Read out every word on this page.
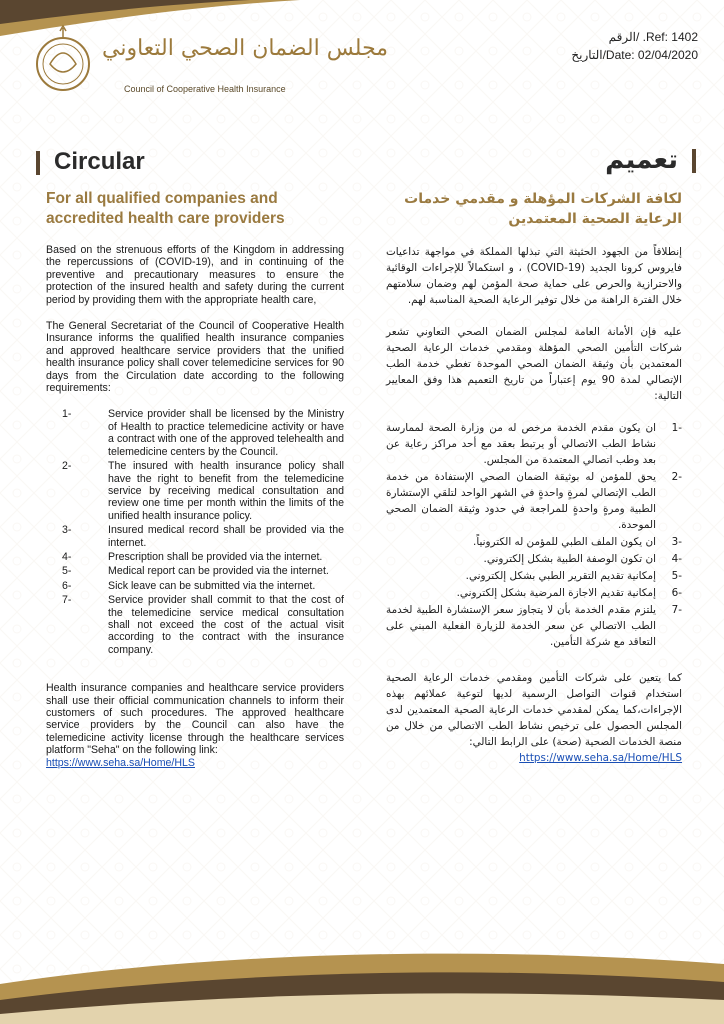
مجلس الضمان الصحي التعاوني
Council of Cooperative Health Insurance
الرقم/ .Ref: 1402
التاريخ/Date: 02/04/2020
Circular	تعميم
For all qualified companies and accredited health care providers
لكافة الشركات المؤهلة و مقدمي خدمات الرعاية الصحية المعتمدين

Based on the strenuous efforts of the Kingdom in addressing the repercussions of (COVID-19), and in continuing of the preventive and precautionary measures to ensure the protection of the insured health and safety during the current period by providing them with the appropriate health care,

The General Secretariat of the Council of Cooperative Health Insurance informs the qualified health insurance companies and approved healthcare service providers that the unified health insurance policy shall cover telemedicine services for 90 days from the Circulation date according to the following requirements:

1-	Service provider shall be licensed by the Ministry of Health to practice telemedicine activity or have a contract with one of the approved telehealth and telemedicine centers by the Council.
2-	The insured with health insurance policy shall have the right to benefit from the telemedicine service by receiving medical consultation and review one time per month within the limits of the unified health insurance policy.
3-	Insured medical record shall be provided via the internet.
4-	Prescription shall be provided via the internet.
5-	Medical report can be provided via the internet.
6-	Sick leave can be submitted via the internet.
7-	Service provider shall commit to that the cost of the telemedicine service medical consultation shall not exceed the cost of the actual visit according to the contract with the insurance company.

Health insurance companies and healthcare service providers shall use their official communication channels to inform their customers of such procedures. The approved healthcare service providers by the Council can also have the telemedicine activity license through the healthcare services platform "Seha" on the following link:
https://www.seha.sa/Home/HLS

إنطلاقاً من الجهود الحثيثة التي تبذلها المملكة في مواجهة تداعيات فايروس كرونا الجديد (COVID-19) ، و استكمالاً للإجراءات الوقائية والاحترازية والحرص على حماية صحة المؤمن لهم وضمان سلامتهم خلال الفترة الراهنة من خلال توفير الرعاية الصحية المناسبة لهم.

عليه فإن الأمانة العامة لمجلس الضمان الصحي التعاوني تشعر شركات التأمين الصحي المؤهلة ومقدمي خدمات الرعاية الصحية المعتمدين بأن وثيقة الضمان الصحي الموحدة تغطي خدمة الطب الإتصالي لمدة 90 يوم إعتباراً من تاريخ التعميم هذا وفق المعايير التالية:

-1
ان يكون مقدم الخدمة مرخص له من وزارة الصحة لممارسة نشاط الطب الاتصالي أو يرتبط بعقد مع أحد مراكز رعاية عن بعد وطب اتصالي المعتمدة من المجلس.
-2
يحق للمؤمن له بوثيقة الضمان الصحي الإستفادة من خدمة الطب الإتصالي لمرةٍ واحدةٍ في الشهر الواحد لتلقي الإستشارة الطبية ومرةٍ واحدةٍ للمراجعة في حدود وثيقة الضمان الصحي الموحدة.
-3
ان يكون الملف الطبي للمؤمن له الكترونياً.
-4
ان تكون الوصفة الطبية بشكل إلكتروني.
-5
إمكانية تقديم التقرير الطبي بشكل إلكتروني.
-6
إمكانية تقديم الاجازة المرضية بشكل إلكتروني.
-7
يلتزم مقدم الخدمة بأن لا يتجاوز سعر الإستشارة الطبية لخدمة الطب الاتصالي عن سعر الخدمة للزيارة الفعلية المبني على التعاقد مع شركة التأمين.

كما يتعين على شركات التأمين ومقدمي خدمات الرعاية الصحية استخدام قنوات التواصل الرسمية لديها لتوعية عملائهم بهذه الإجراءات،كما يمكن لمقدمي خدمات الرعاية الصحية المعتمدين لدى المجلس الحصول على ترخيص نشاط الطب الاتصالي من خلال من منصة الخدمات الصحية (صحة) على الرابط التالي:
https://www.seha.sa/Home/HLS
